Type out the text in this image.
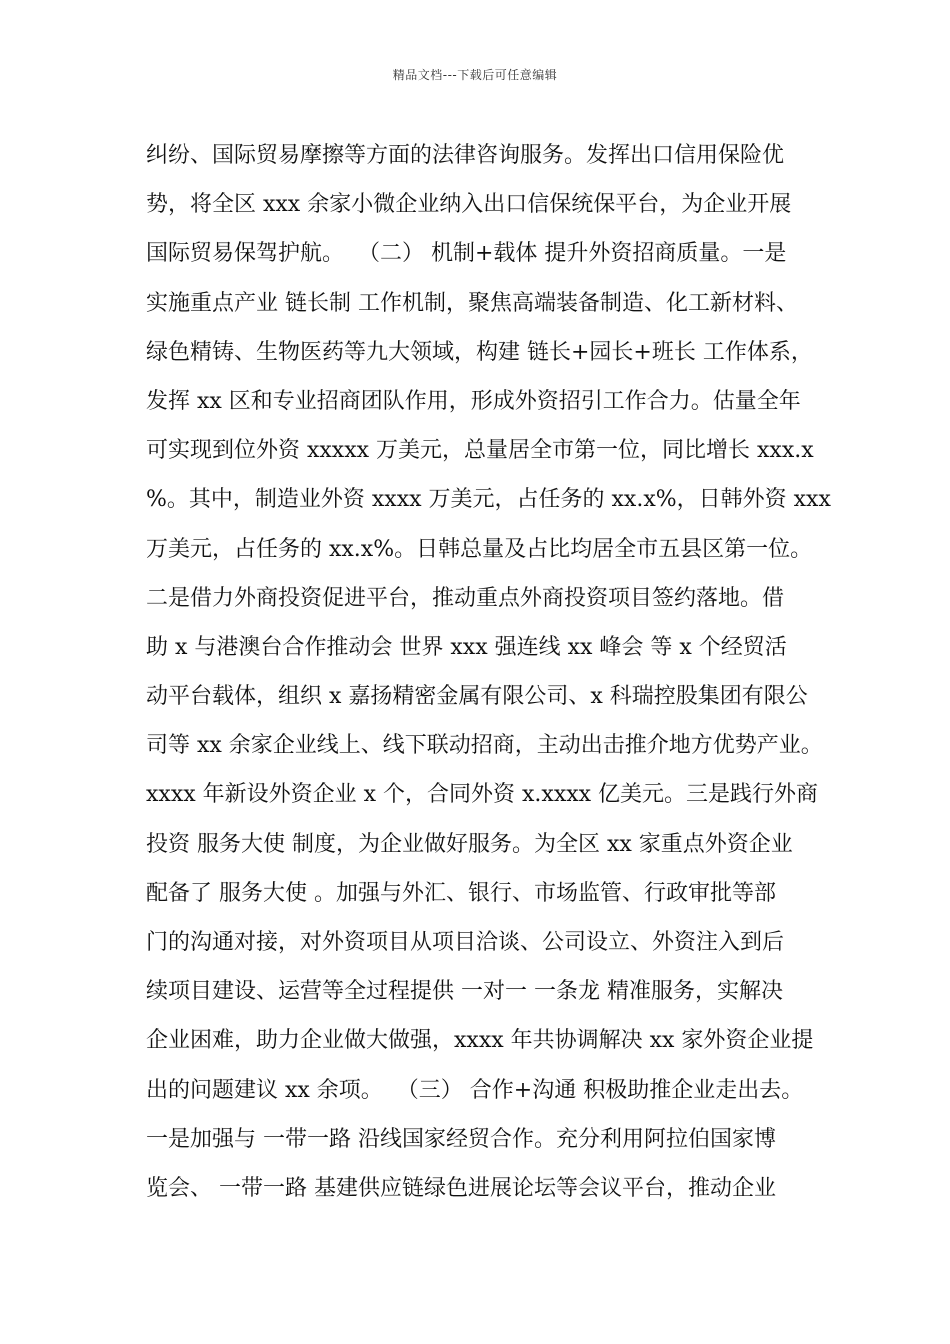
精品文档---下载后可任意编辑
纠纷、国际贸易摩擦等方面的法律咨询服务。发挥出口信用保险优
势，将全区 xxx 余家小微企业纳入出口信保统保平台，为企业开展
国际贸易保驾护航。  （二） 机制+载体 提升外资招商质量。一是
实施重点产业 链长制 工作机制，聚焦高端装备制造、化工新材料、
绿色精铸、生物医药等九大领域，构建 链长+园长+班长 工作体系，
发挥 xx 区和专业招商团队作用，形成外资招引工作合力。估量全年
可实现到位外资 xxxxx 万美元，总量居全市第一位，同比增长 xxx.x
%。其中，制造业外资 xxxx 万美元，占任务的 xx.x%，日韩外资 xxx
万美元，占任务的 xx.x%。日韩总量及占比均居全市五县区第一位。
二是借力外商投资促进平台，推动重点外商投资项目签约落地。借
助 x 与港澳台合作推动会 世界 xxx 强连线 xx 峰会 等 x 个经贸活
动平台载体，组织 x 嘉扬精密金属有限公司、x 科瑞控股集团有限公
司等 xx 余家企业线上、线下联动招商，主动出击推介地方优势产业。
xxxx 年新设外资企业 x 个，合同外资 x.xxxx 亿美元。三是践行外商
投资 服务大使 制度，为企业做好服务。为全区 xx 家重点外资企业
配备了 服务大使 。加强与外汇、银行、市场监管、行政审批等部
门的沟通对接，对外资项目从项目洽谈、公司设立、外资注入到后
续项目建设、运营等全过程提供 一对一 一条龙 精准服务，实解决
企业困难，助力企业做大做强，xxxx 年共协调解决 xx 家外资企业提
出的问题建议 xx 余项。  （三） 合作+沟通 积极助推企业走出去。
一是加强与 一带一路 沿线国家经贸合作。充分利用阿拉伯国家博
览会、 一带一路 基建供应链绿色进展论坛等会议平台，推动企业
